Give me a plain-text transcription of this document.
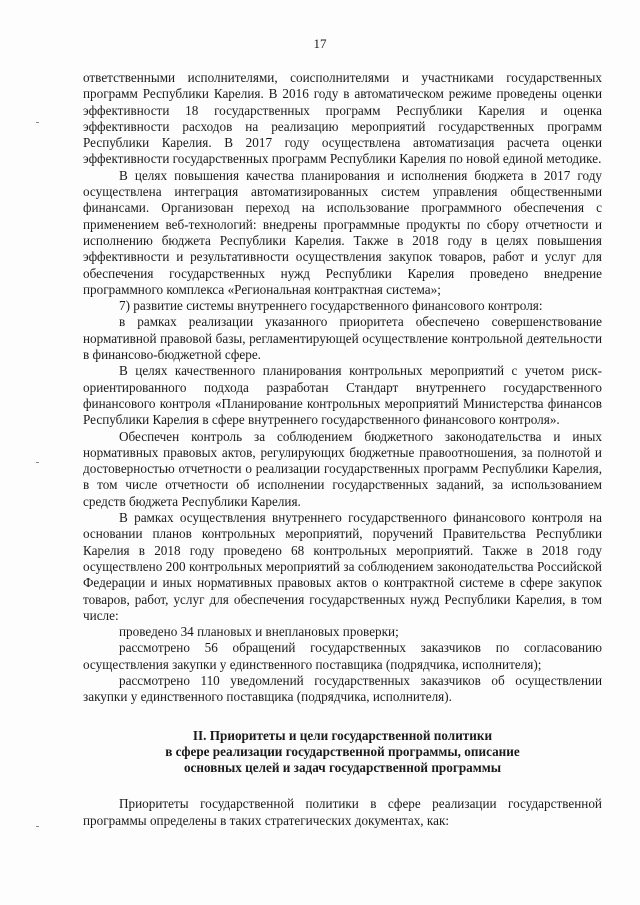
17

ответственными исполнителями, соисполнителями и участниками государственных программ Республики Карелия. В 2016 году в автоматическом режиме проведены оценки эффективности 18 государственных программ Республики Карелия и оценка эффективности расходов на реализацию мероприятий государственных программ Республики Карелия. В 2017 году осуществлена автоматизация расчета оценки эффективности государственных программ Республики Карелия по новой единой методике.

В целях повышения качества планирования и исполнения бюджета в 2017 году осуществлена интеграция автоматизированных систем управления общественными финансами. Организован переход на использование программного обеспечения с применением веб-технологий: внедрены программные продукты по сбору отчетности и исполнению бюджета Республики Карелия. Также в 2018 году в целях повышения эффективности и результативности осуществления закупок товаров, работ и услуг для обеспечения государственных нужд Республики Карелия проведено внедрение программного комплекса «Региональная контрактная система»;

7) развитие системы внутреннего государственного финансового контроля:

в рамках реализации указанного приоритета обеспечено совершенствование нормативной правовой базы, регламентирующей осуществление контрольной деятельности в финансово-бюджетной сфере.

В целях качественного планирования контрольных мероприятий с учетом риск-ориентированного подхода разработан Стандарт внутреннего государственного финансового контроля «Планирование контрольных мероприятий Министерства финансов Республики Карелия в сфере внутреннего государственного финансового контроля».

Обеспечен контроль за соблюдением бюджетного законодательства и иных нормативных правовых актов, регулирующих бюджетные правоотношения, за полнотой и достоверностью отчетности о реализации государственных программ Республики Карелия, в том числе отчетности об исполнении государственных заданий, за использованием средств бюджета Республики Карелия.

В рамках осуществления внутреннего государственного финансового контроля на основании планов контрольных мероприятий, поручений Правительства Республики Карелия в 2018 году проведено 68 контрольных мероприятий. Также в 2018 году осуществлено 200 контрольных мероприятий за соблюдением законодательства Российской Федерации и иных нормативных правовых актов о контрактной системе в сфере закупок товаров, работ, услуг для обеспечения государственных нужд Республики Карелия, в том числе:

проведено 34 плановых и внеплановых проверки;

рассмотрено 56 обращений государственных заказчиков по согласованию осуществления закупки у единственного поставщика (подрядчика, исполнителя);

рассмотрено 110 уведомлений государственных заказчиков об осуществлении закупки у единственного поставщика (подрядчика, исполнителя).

II. Приоритеты и цели государственной политики
в сфере реализации государственной программы, описание
основных целей и задач государственной программы

Приоритеты государственной политики в сфере реализации государственной программы определены в таких стратегических документах, как:
